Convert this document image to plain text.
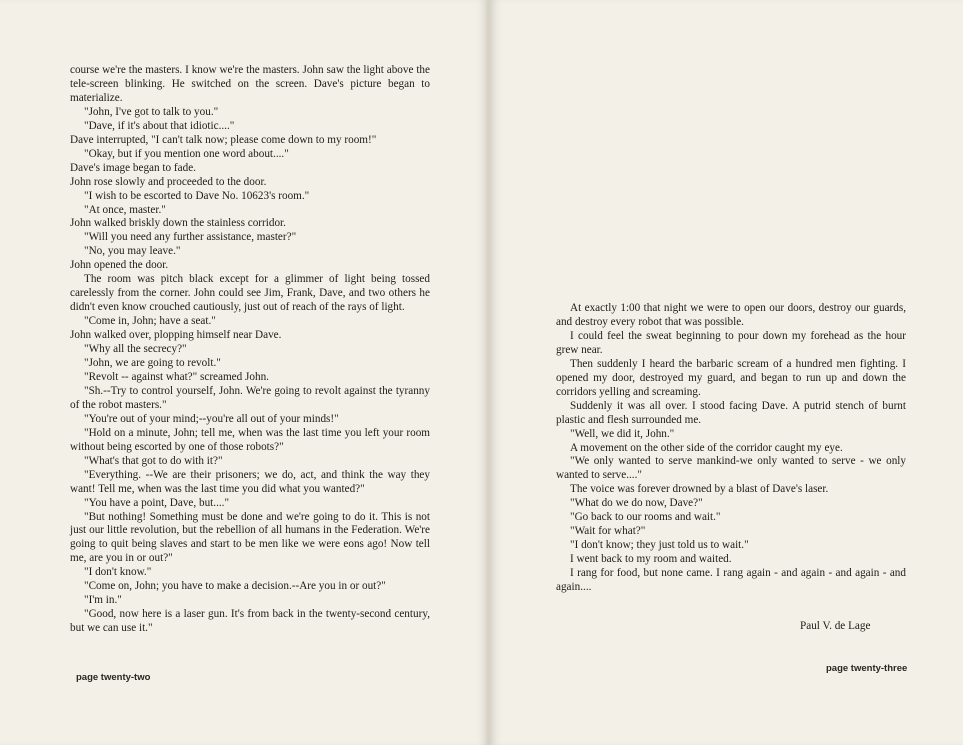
course we're the masters. I know we're the masters. John saw the light above the tele-screen blinking. He switched on the screen. Dave's picture began to materialize.

"John, I've got to talk to you."

"Dave, if it's about that idiotic...."

Dave interrupted, "I can't talk now; please come down to my room!"

"Okay, but if you mention one word about...."

Dave's image began to fade.

John rose slowly and proceeded to the door.

"I wish to be escorted to Dave No. 10623's room."

"At once, master."

John walked briskly down the stainless corridor.

"Will you need any further assistance, master?"

"No, you may leave."

John opened the door.

The room was pitch black except for a glimmer of light being tossed carelessly from the corner. John could see Jim, Frank, Dave, and two others he didn't even know crouched cautiously, just out of reach of the rays of light.

"Come in, John; have a seat."

John walked over, plopping himself near Dave.

"Why all the secrecy?"

"John, we are going to revolt."

"Revolt -- against what?" screamed John.

"Sh.--Try to control yourself, John. We're going to revolt against the tyranny of the robot masters."

"You're out of your mind;--you're all out of your minds!"

"Hold on a minute, John; tell me, when was the last time you left your room without being escorted by one of those robots?"

"What's that got to do with it?"

"Everything. --We are their prisoners; we do, act, and think the way they want! Tell me, when was the last time you did what you wanted?"

"You have a point, Dave, but...."

"But nothing! Something must be done and we're going to do it. This is not just our little revolution, but the rebellion of all humans in the Federation. We're going to quit being slaves and start to be men like we were eons ago! Now tell me, are you in or out?"

"I don't know."

"Come on, John; you have to make a decision.--Are you in or out?"

"I'm in."

"Good, now here is a laser gun. It's from back in the twenty-second century, but we can use it."

page twenty-two

At exactly 1:00 that night we were to open our doors, destroy our guards, and destroy every robot that was possible.

I could feel the sweat beginning to pour down my forehead as the hour grew near.

Then suddenly I heard the barbaric scream of a hundred men fighting. I opened my door, destroyed my guard, and began to run up and down the corridors yelling and screaming.

Suddenly it was all over. I stood facing Dave. A putrid stench of burnt plastic and flesh surrounded me.

"Well, we did it, John."

A movement on the other side of the corridor caught my eye.

"We only wanted to serve mankind-we only wanted to serve - we only wanted to serve...."

The voice was forever drowned by a blast of Dave's laser.

"What do we do now, Dave?"

"Go back to our rooms and wait."

"Wait for what?"

"I don't know; they just told us to wait."

I went back to my room and waited.

I rang for food, but none came. I rang again - and again - and again - and again....

Paul V. de Lage
page twenty-three
